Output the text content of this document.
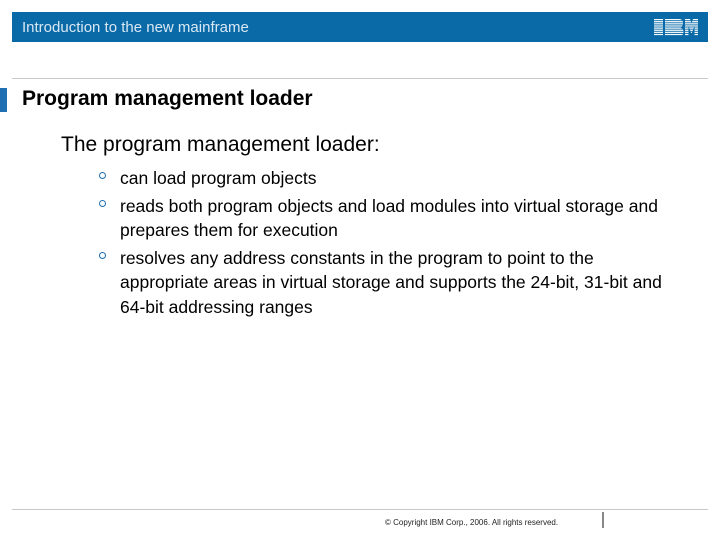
Introduction to the new mainframe
Program management loader
The program management loader:
can load program objects
reads both program objects and load modules into virtual storage and prepares them for execution
resolves any address constants in the program to point to the appropriate areas in virtual storage and supports the 24-bit, 31-bit and 64-bit addressing ranges
© Copyright IBM Corp., 2006. All rights reserved.
